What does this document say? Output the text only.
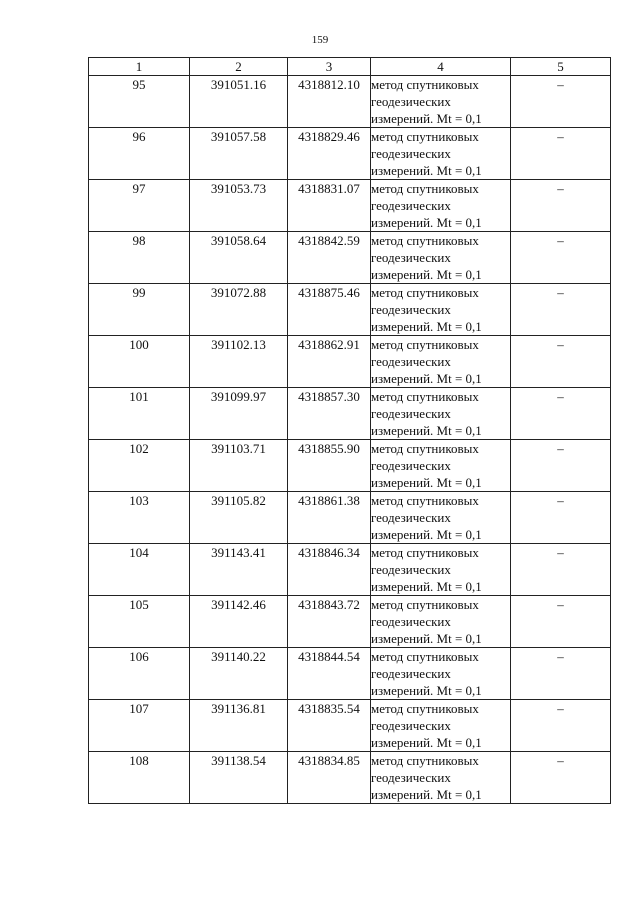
159
1	2	3	4	5
95	391051.16	4318812.10	метод спутниковых геодезических измерений. Mt = 0,1	–
96	391057.58	4318829.46	метод спутниковых геодезических измерений. Mt = 0,1	–
97	391053.73	4318831.07	метод спутниковых геодезических измерений. Mt = 0,1	–
98	391058.64	4318842.59	метод спутниковых геодезических измерений. Mt = 0,1	–
99	391072.88	4318875.46	метод спутниковых геодезических измерений. Mt = 0,1	–
100	391102.13	4318862.91	метод спутниковых геодезических измерений. Mt = 0,1	–
101	391099.97	4318857.30	метод спутниковых геодезических измерений. Mt = 0,1	–
102	391103.71	4318855.90	метод спутниковых геодезических измерений. Mt = 0,1	–
103	391105.82	4318861.38	метод спутниковых геодезических измерений. Mt = 0,1	–
104	391143.41	4318846.34	метод спутниковых геодезических измерений. Mt = 0,1	–
105	391142.46	4318843.72	метод спутниковых геодезических измерений. Mt = 0,1	–
106	391140.22	4318844.54	метод спутниковых геодезических измерений. Mt = 0,1	–
107	391136.81	4318835.54	метод спутниковых геодезических измерений. Mt = 0,1	–
108	391138.54	4318834.85	метод спутниковых геодезических измерений. Mt = 0,1	–
